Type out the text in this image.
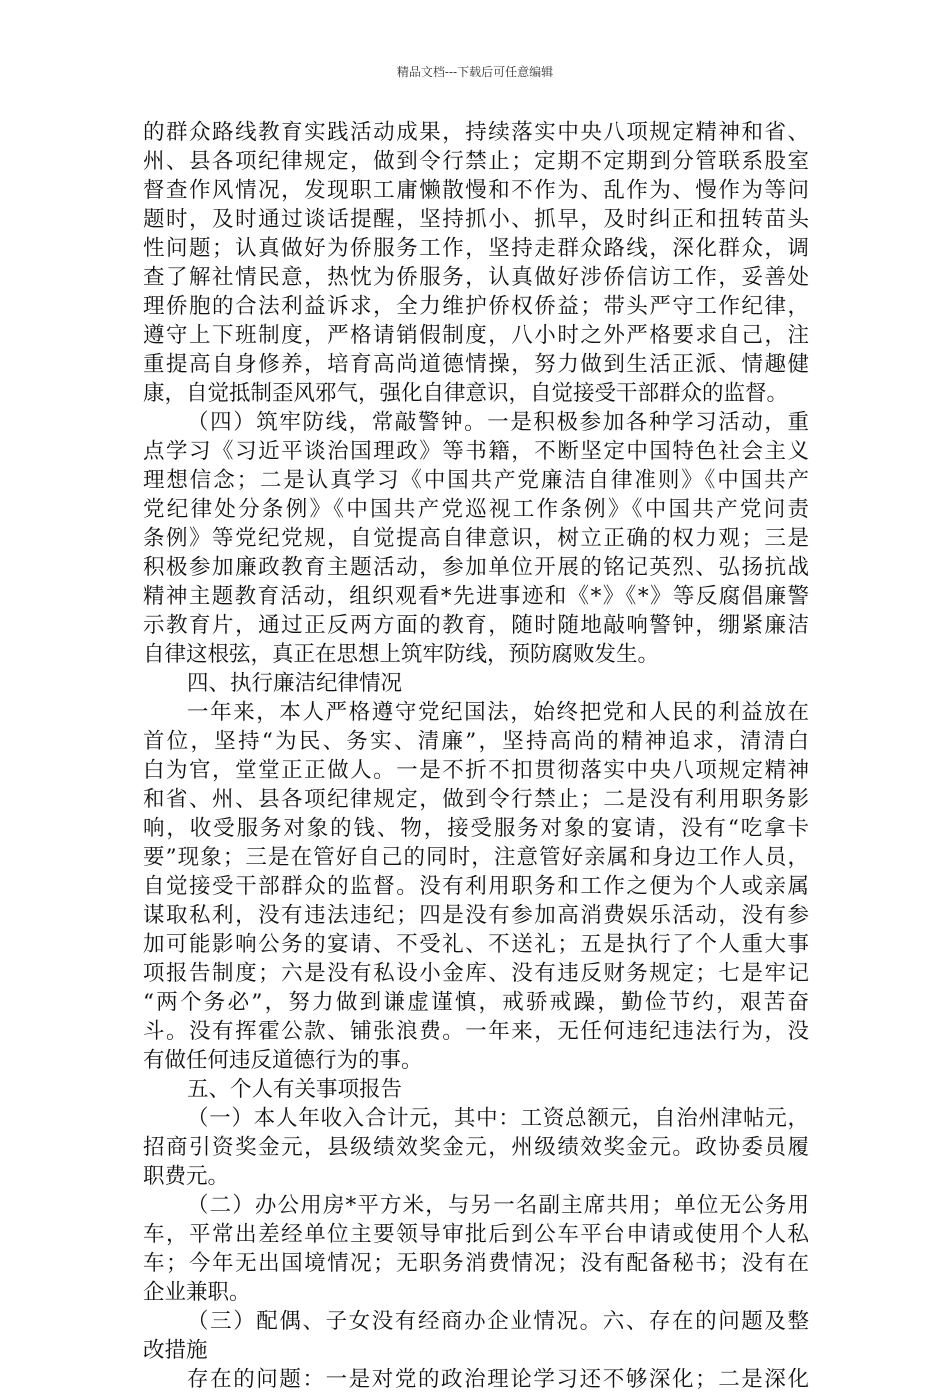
精品文档---下载后可任意编辑
的群众路线教育实践活动成果，持续落实中央八项规定精神和省、
州、县各项纪律规定，做到令行禁止；定期不定期到分管联系股室
督查作风情况，发现职工庸懒散慢和不作为、乱作为、慢作为等问
题时，及时通过谈话提醒，坚持抓小、抓早，及时纠正和扭转苗头
性问题；认真做好为侨服务工作，坚持走群众路线，深化群众，调
查了解社情民意，热忱为侨服务，认真做好涉侨信访工作，妥善处
理侨胞的合法利益诉求，全力维护侨权侨益；带头严守工作纪律，
遵守上下班制度，严格请销假制度，八小时之外严格要求自己，注
重提高自身修养，培育高尚道德情操，努力做到生活正派、情趣健
康，自觉抵制歪风邪气，强化自律意识，自觉接受干部群众的监督。
（四）筑牢防线，常敲警钟。一是积极参加各种学习活动，重
点学习《习近平谈治国理政》等书籍，不断坚定中国特色社会主义
理想信念；二是认真学习《中国共产党廉洁自律准则》《中国共产
党纪律处分条例》《中国共产党巡视工作条例》《中国共产党问责
条例》等党纪党规，自觉提高自律意识，树立正确的权力观；三是
积极参加廉政教育主题活动，参加单位开展的铭记英烈、弘扬抗战
精神主题教育活动，组织观看*先进事迹和《*》《*》等反腐倡廉警
示教育片，通过正反两方面的教育，随时随地敲响警钟，绷紧廉洁
自律这根弦，真正在思想上筑牢防线，预防腐败发生。
四、执行廉洁纪律情况
一年来，本人严格遵守党纪国法，始终把党和人民的利益放在
首位，坚持“为民、务实、清廉”，坚持高尚的精神追求，清清白
白为官，堂堂正正做人。一是不折不扣贯彻落实中央八项规定精神
和省、州、县各项纪律规定，做到令行禁止；二是没有利用职务影
响，收受服务对象的钱、物，接受服务对象的宴请，没有“吃拿卡
要”现象；三是在管好自己的同时，注意管好亲属和身边工作人员，
自觉接受干部群众的监督。没有利用职务和工作之便为个人或亲属
谋取私利，没有违法违纪；四是没有参加高消费娱乐活动，没有参
加可能影响公务的宴请、不受礼、不送礼；五是执行了个人重大事
项报告制度；六是没有私设小金库、没有违反财务规定；七是牢记
“两个务必”，努力做到谦虚谨慎，戒骄戒躁，勤俭节约，艰苦奋
斗。没有挥霍公款、铺张浪费。一年来，无任何违纪违法行为，没
有做任何违反道德行为的事。
五、个人有关事项报告
（一）本人年收入合计元，其中：工资总额元，自治州津帖元，
招商引资奖金元，县级绩效奖金元，州级绩效奖金元。政协委员履
职费元。
（二）办公用房*平方米，与另一名副主席共用；单位无公务用
车，平常出差经单位主要领导审批后到公车平台申请或使用个人私
车；今年无出国境情况；无职务消费情况；没有配备秘书；没有在
企业兼职。
（三）配偶、子女没有经商办企业情况。六、存在的问题及整
改措施
存在的问题：一是对党的政治理论学习还不够深化；二是深化
